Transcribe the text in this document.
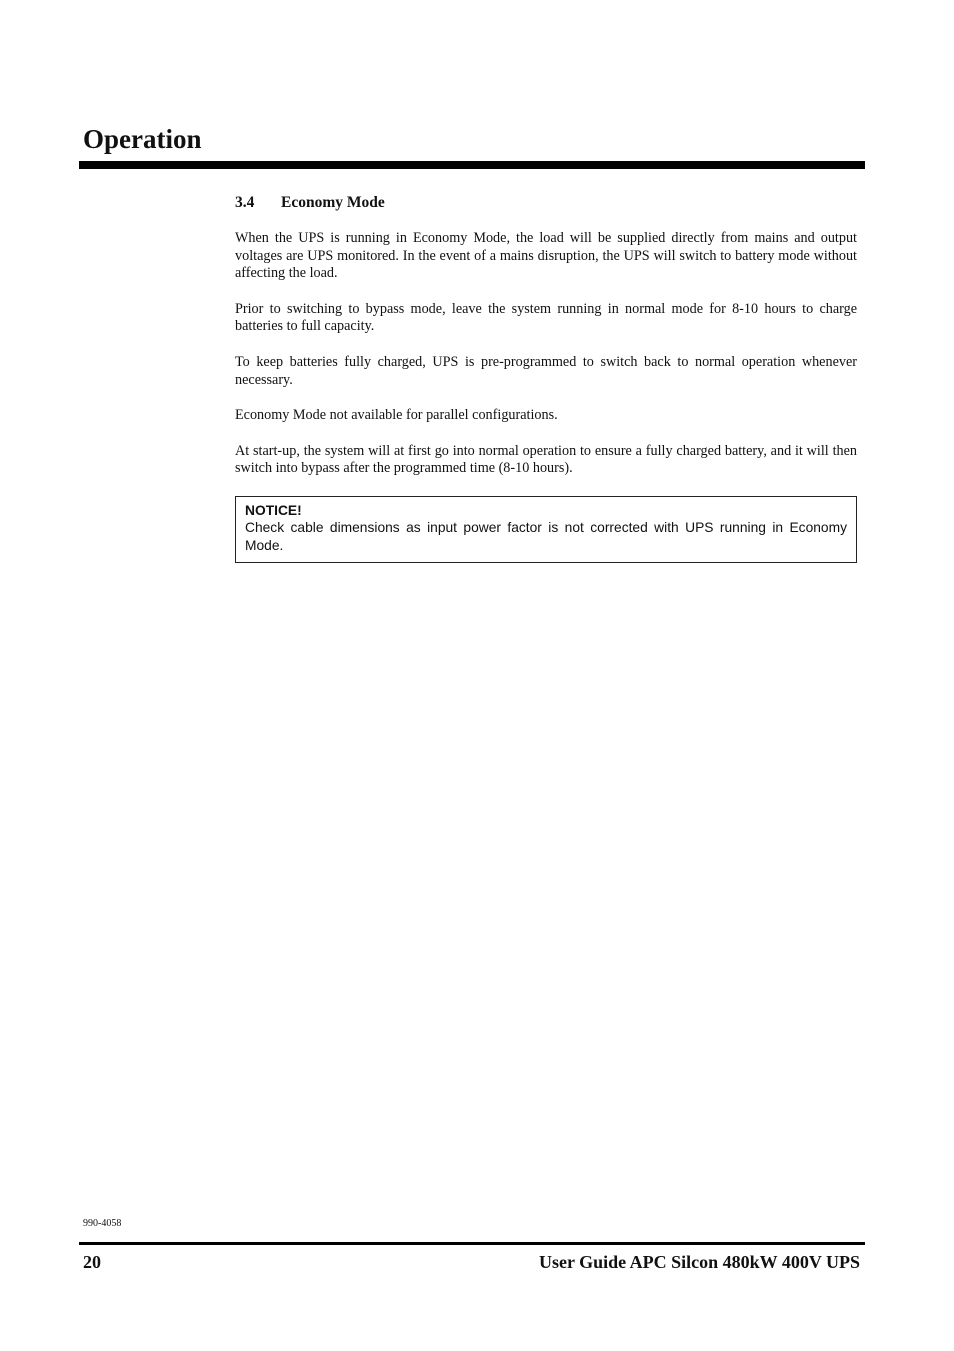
Operation
3.4 Economy Mode

When the UPS is running in Economy Mode, the load will be supplied directly from mains and output voltages are UPS monitored. In the event of a mains disruption, the UPS will switch to battery mode without affecting the load.

Prior to switching to bypass mode, leave the system running in normal mode for 8-10 hours to charge batteries to full capacity.

To keep batteries fully charged, UPS is pre-programmed to switch back to normal operation whenever necessary.

Economy Mode not available for parallel configurations.

At start-up, the system will at first go into normal operation to ensure a fully charged battery, and it will then switch into bypass after the programmed time (8-10 hours).

NOTICE!
Check cable dimensions as input power factor is not corrected with UPS running in Economy Mode.
990-4058
20	User Guide APC Silcon 480kW 400V UPS
